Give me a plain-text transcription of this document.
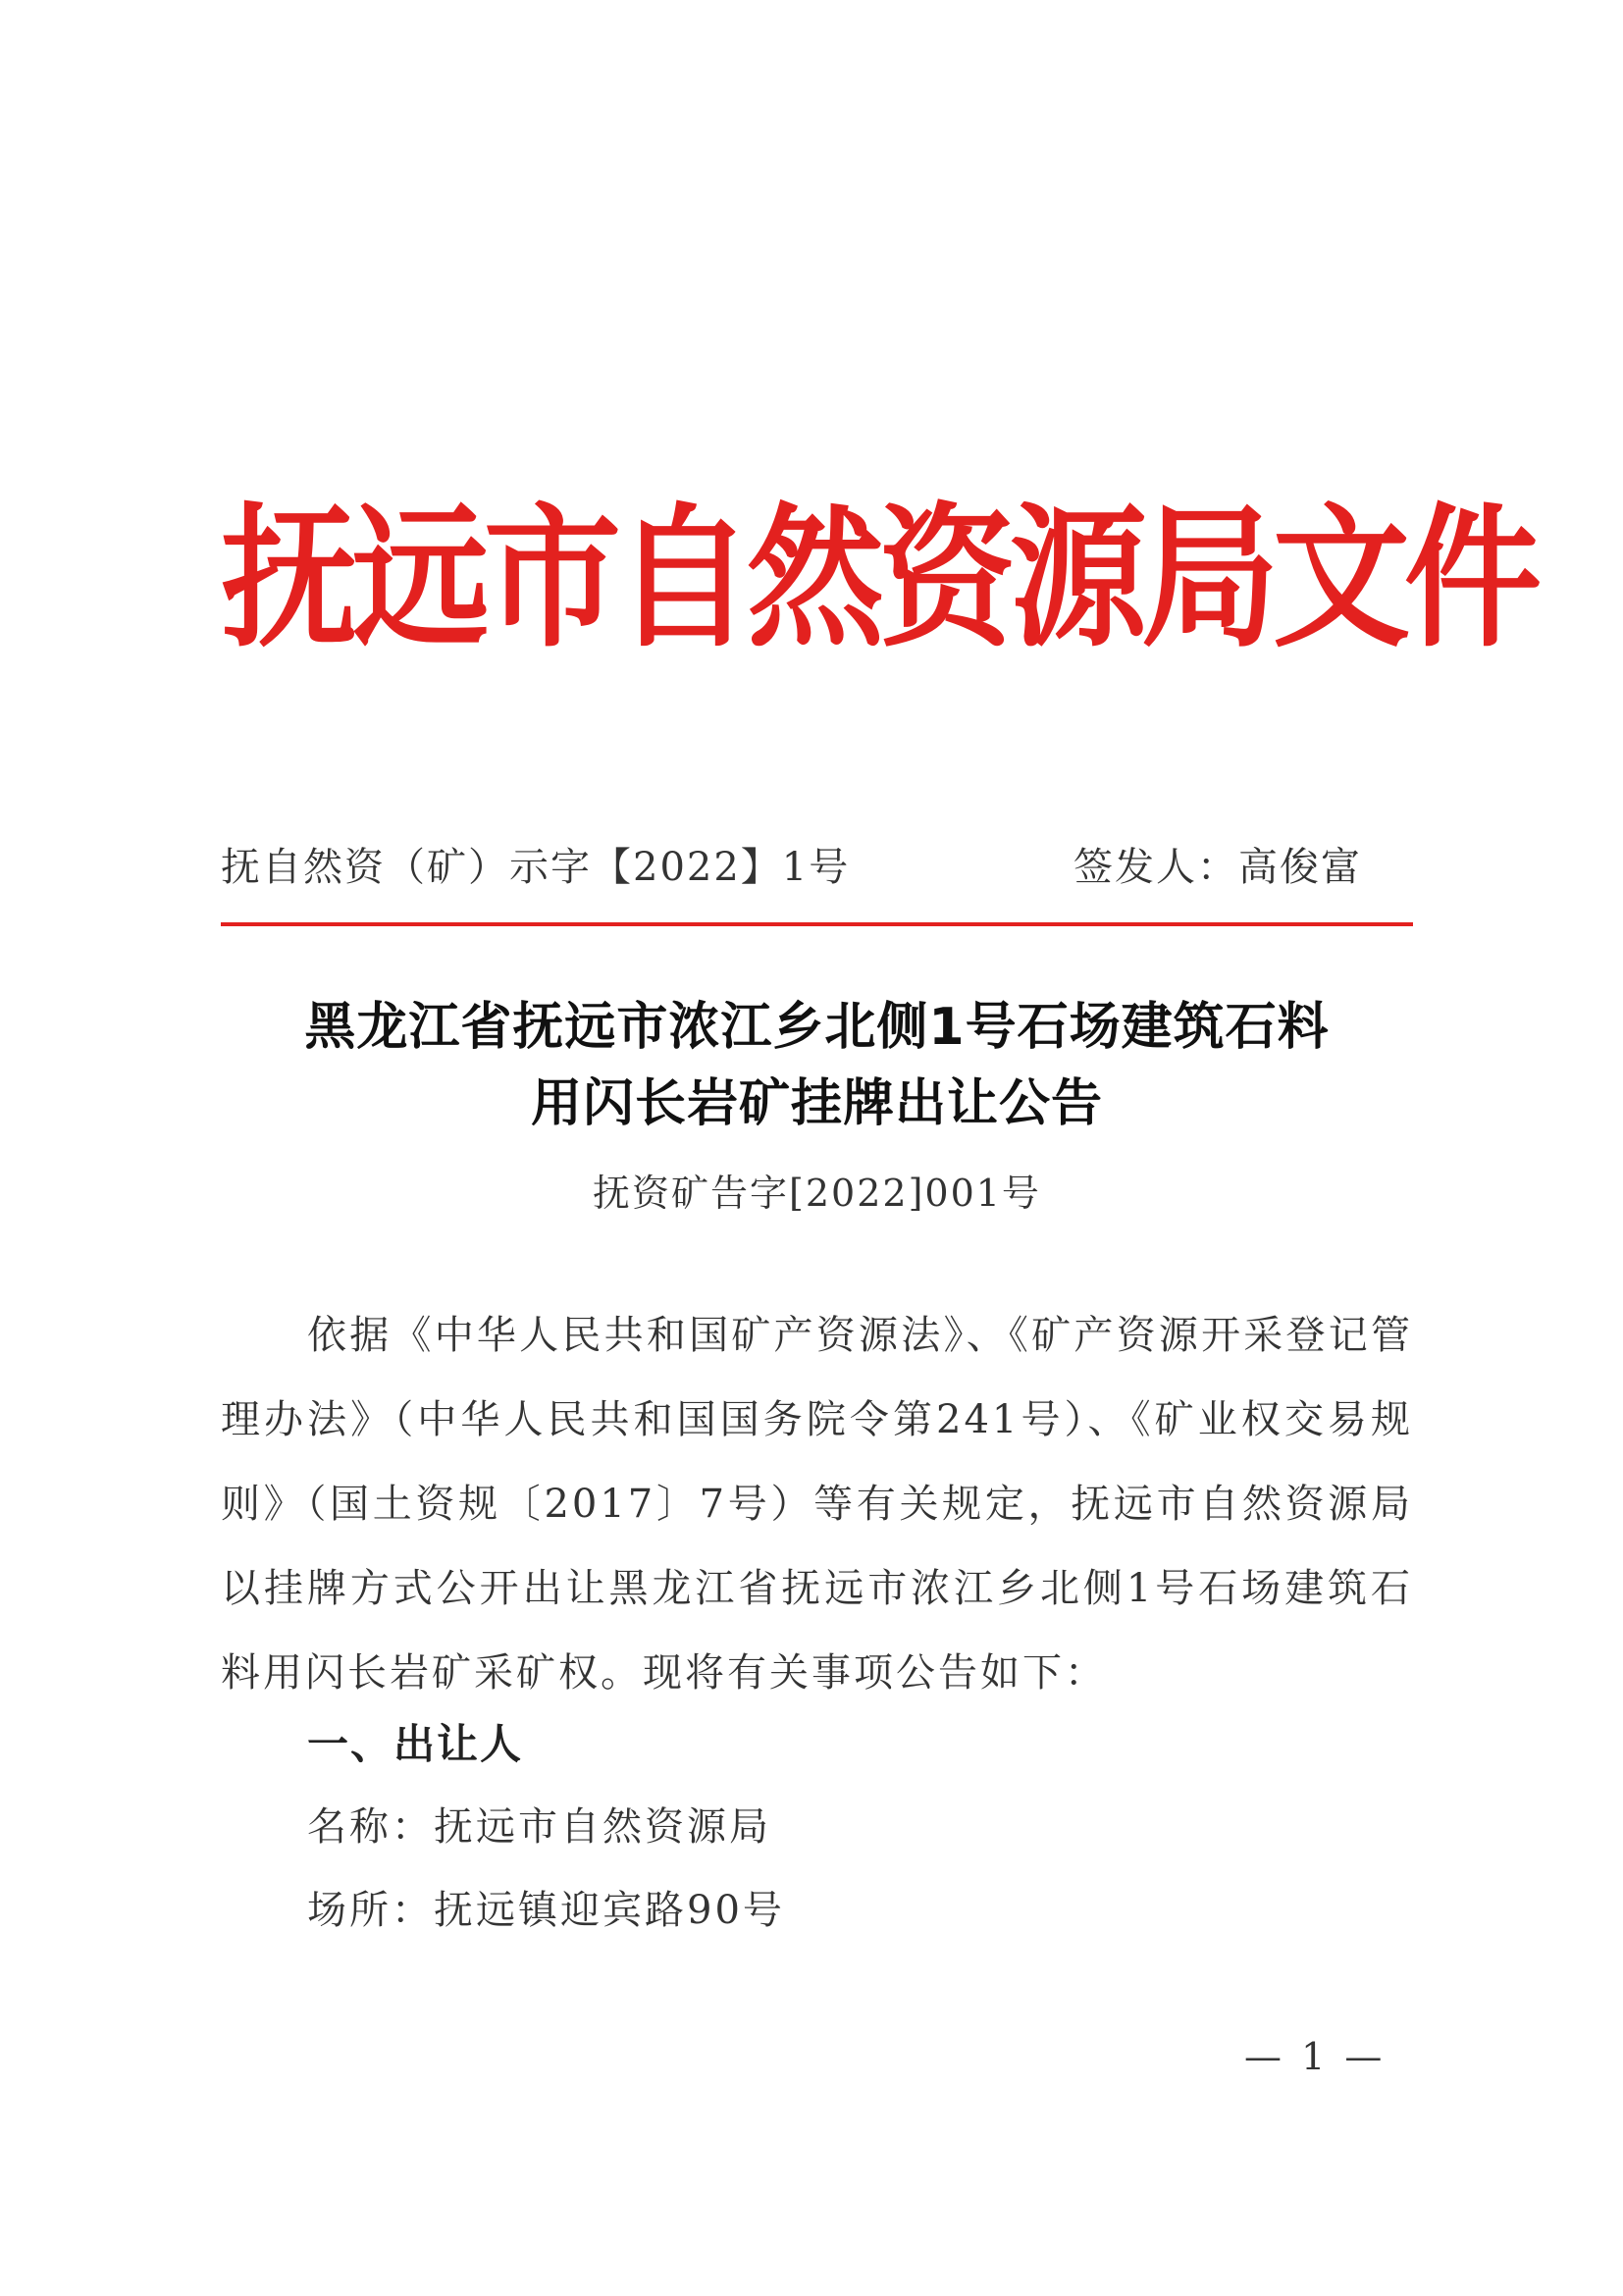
抚
远
市
自
然
资
源
局
文
件
抚自然资（矿）示字【2022】1号	签发人：高俊富
黑龙江省抚远市浓江乡北侧1号石场建筑石料
用闪长岩矿挂牌出让公告
抚资矿告字[2022]001号
依据《中华人民共和国矿产资源法》、《矿产资源开采登记管理办法》（中华人民共和国国务院令第241号）、《矿业权交易规则》（国土资规〔2017〕7号）等有关规定，抚远市自然资源局以挂牌方式公开出让黑龙江省抚远市浓江乡北侧1号石场建筑石料用闪长岩矿采矿权。现将有关事项公告如下：
一、出让人
名称：抚远市自然资源局
场所：抚远镇迎宾路90号
— 1 —
